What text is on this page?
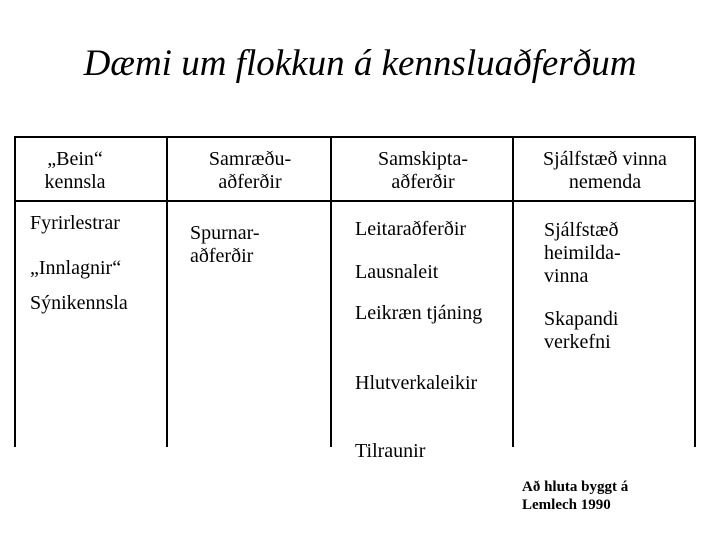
Dæmi um flokkun á kennsluaðferðum
„Bein“
kennsla
Samræðu-
aðferðir
Samskipta-
aðferðir
Sjálfstæð vinna
nemenda
Fyrirlestrar
„Innlagnir“
Sýnikennsla
Spurnar-
aðferðir
Leitaraðferðir
Lausnaleit
Leikræn tjáning
Hlutverkaleikir
Tilraunir
Sjálfstæð
heimilda-
vinna
Skapandi
verkefni
Að hluta byggt á
Lemlech 1990
